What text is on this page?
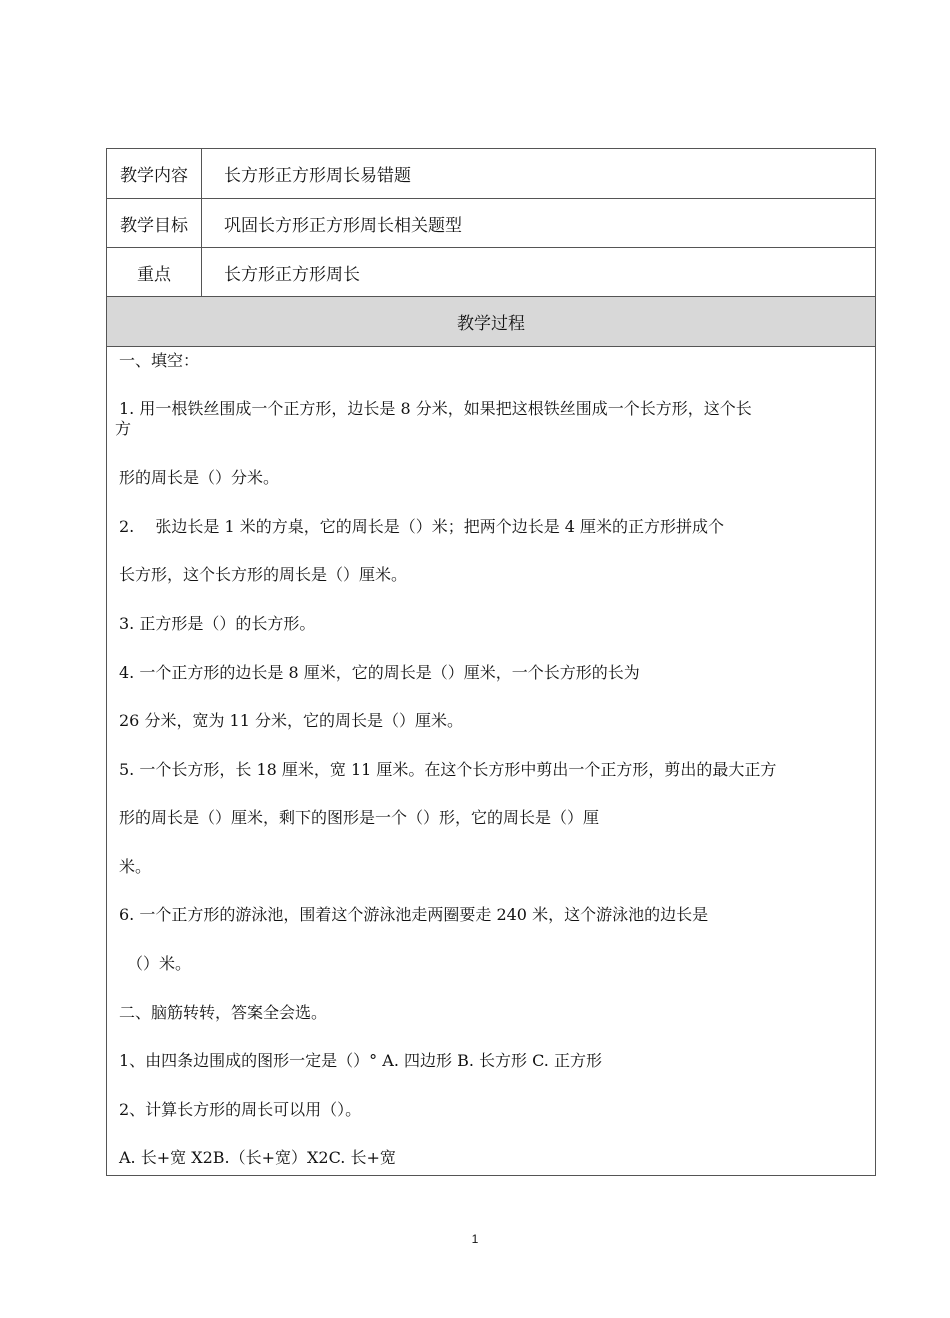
教学内容	长方形正方形周长易错题
教学目标	巩固长方形正方形周长相关题型
重点	长方形正方形周长
教学过程
一、填空：
1. 用一根铁丝围成一个正方形，边长是 8 分米，如果把这根铁丝围成一个长方形，这个长
方
形的周长是（）分米。
2.　 张边长是 1 米的方桌，它的周长是（）米；把两个边长是 4 厘米的正方形拼成个
长方形，这个长方形的周长是（）厘米。
3. 正方形是（）的长方形。
4. 一个正方形的边长是 8 厘米，它的周长是（）厘米，一个长方形的长为
26 分米，宽为 11 分米，它的周长是（）厘米。
5. 一个长方形，长 18 厘米，宽 11 厘米。在这个长方形中剪出一个正方形，剪出的最大正方
形的周长是（）厘米，剩下的图形是一个（）形，它的周长是（）厘
米。
6. 一个正方形的游泳池，围着这个游泳池走两圈要走 240 米，这个游泳池的边长是
（）米。
二、脑筋转转，答案全会选。
1、由四条边围成的图形一定是（）° A. 四边形 B. 长方形 C. 正方形
2、计算长方形的周长可以用（）。
A. 长+宽 X2B.（长+宽）X2C. 长+宽
1
